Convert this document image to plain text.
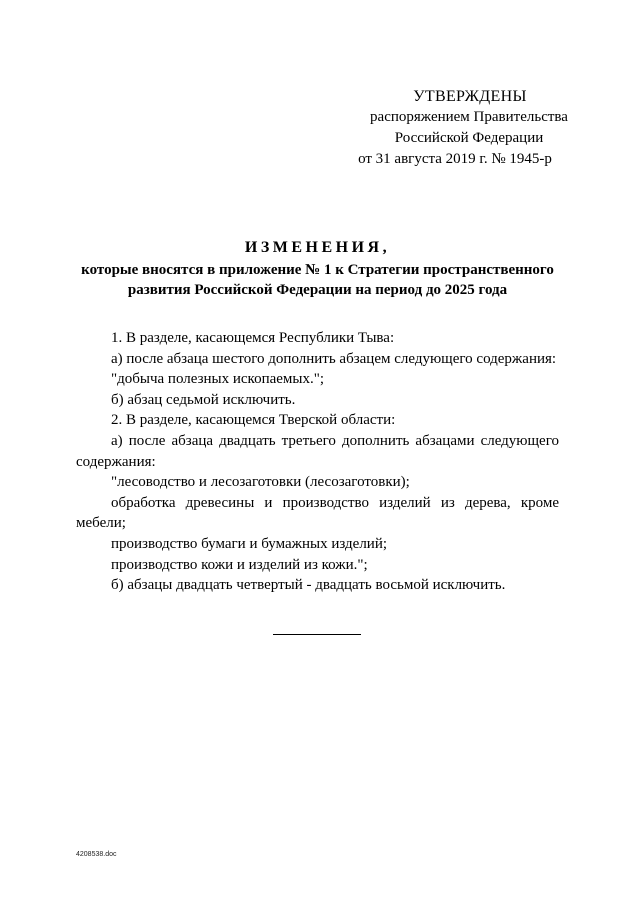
УТВЕРЖДЕНЫ
распоряжением Правительства
Российской Федерации
от 31 августа 2019 г. № 1945-р
ИЗМЕНЕНИЯ,
которые вносятся в приложение № 1 к Стратегии пространственного
развития Российской Федерации на период до 2025 года

1. В разделе, касающемся Республики Тыва:

а) после абзаца шестого дополнить абзацем следующего содержания:

"добыча полезных ископаемых.";

б) абзац седьмой исключить.

2. В разделе, касающемся Тверской области:

а) после абзаца двадцать третьего дополнить абзацами следующего содержания:

"лесоводство и лесозаготовки (лесозаготовки);

обработка древесины и производство изделий из дерева, кроме мебели;

производство бумаги и бумажных изделий;

производство кожи и изделий из кожи.";

б) абзацы двадцать четвертый - двадцать восьмой исключить.

4208538.doc
